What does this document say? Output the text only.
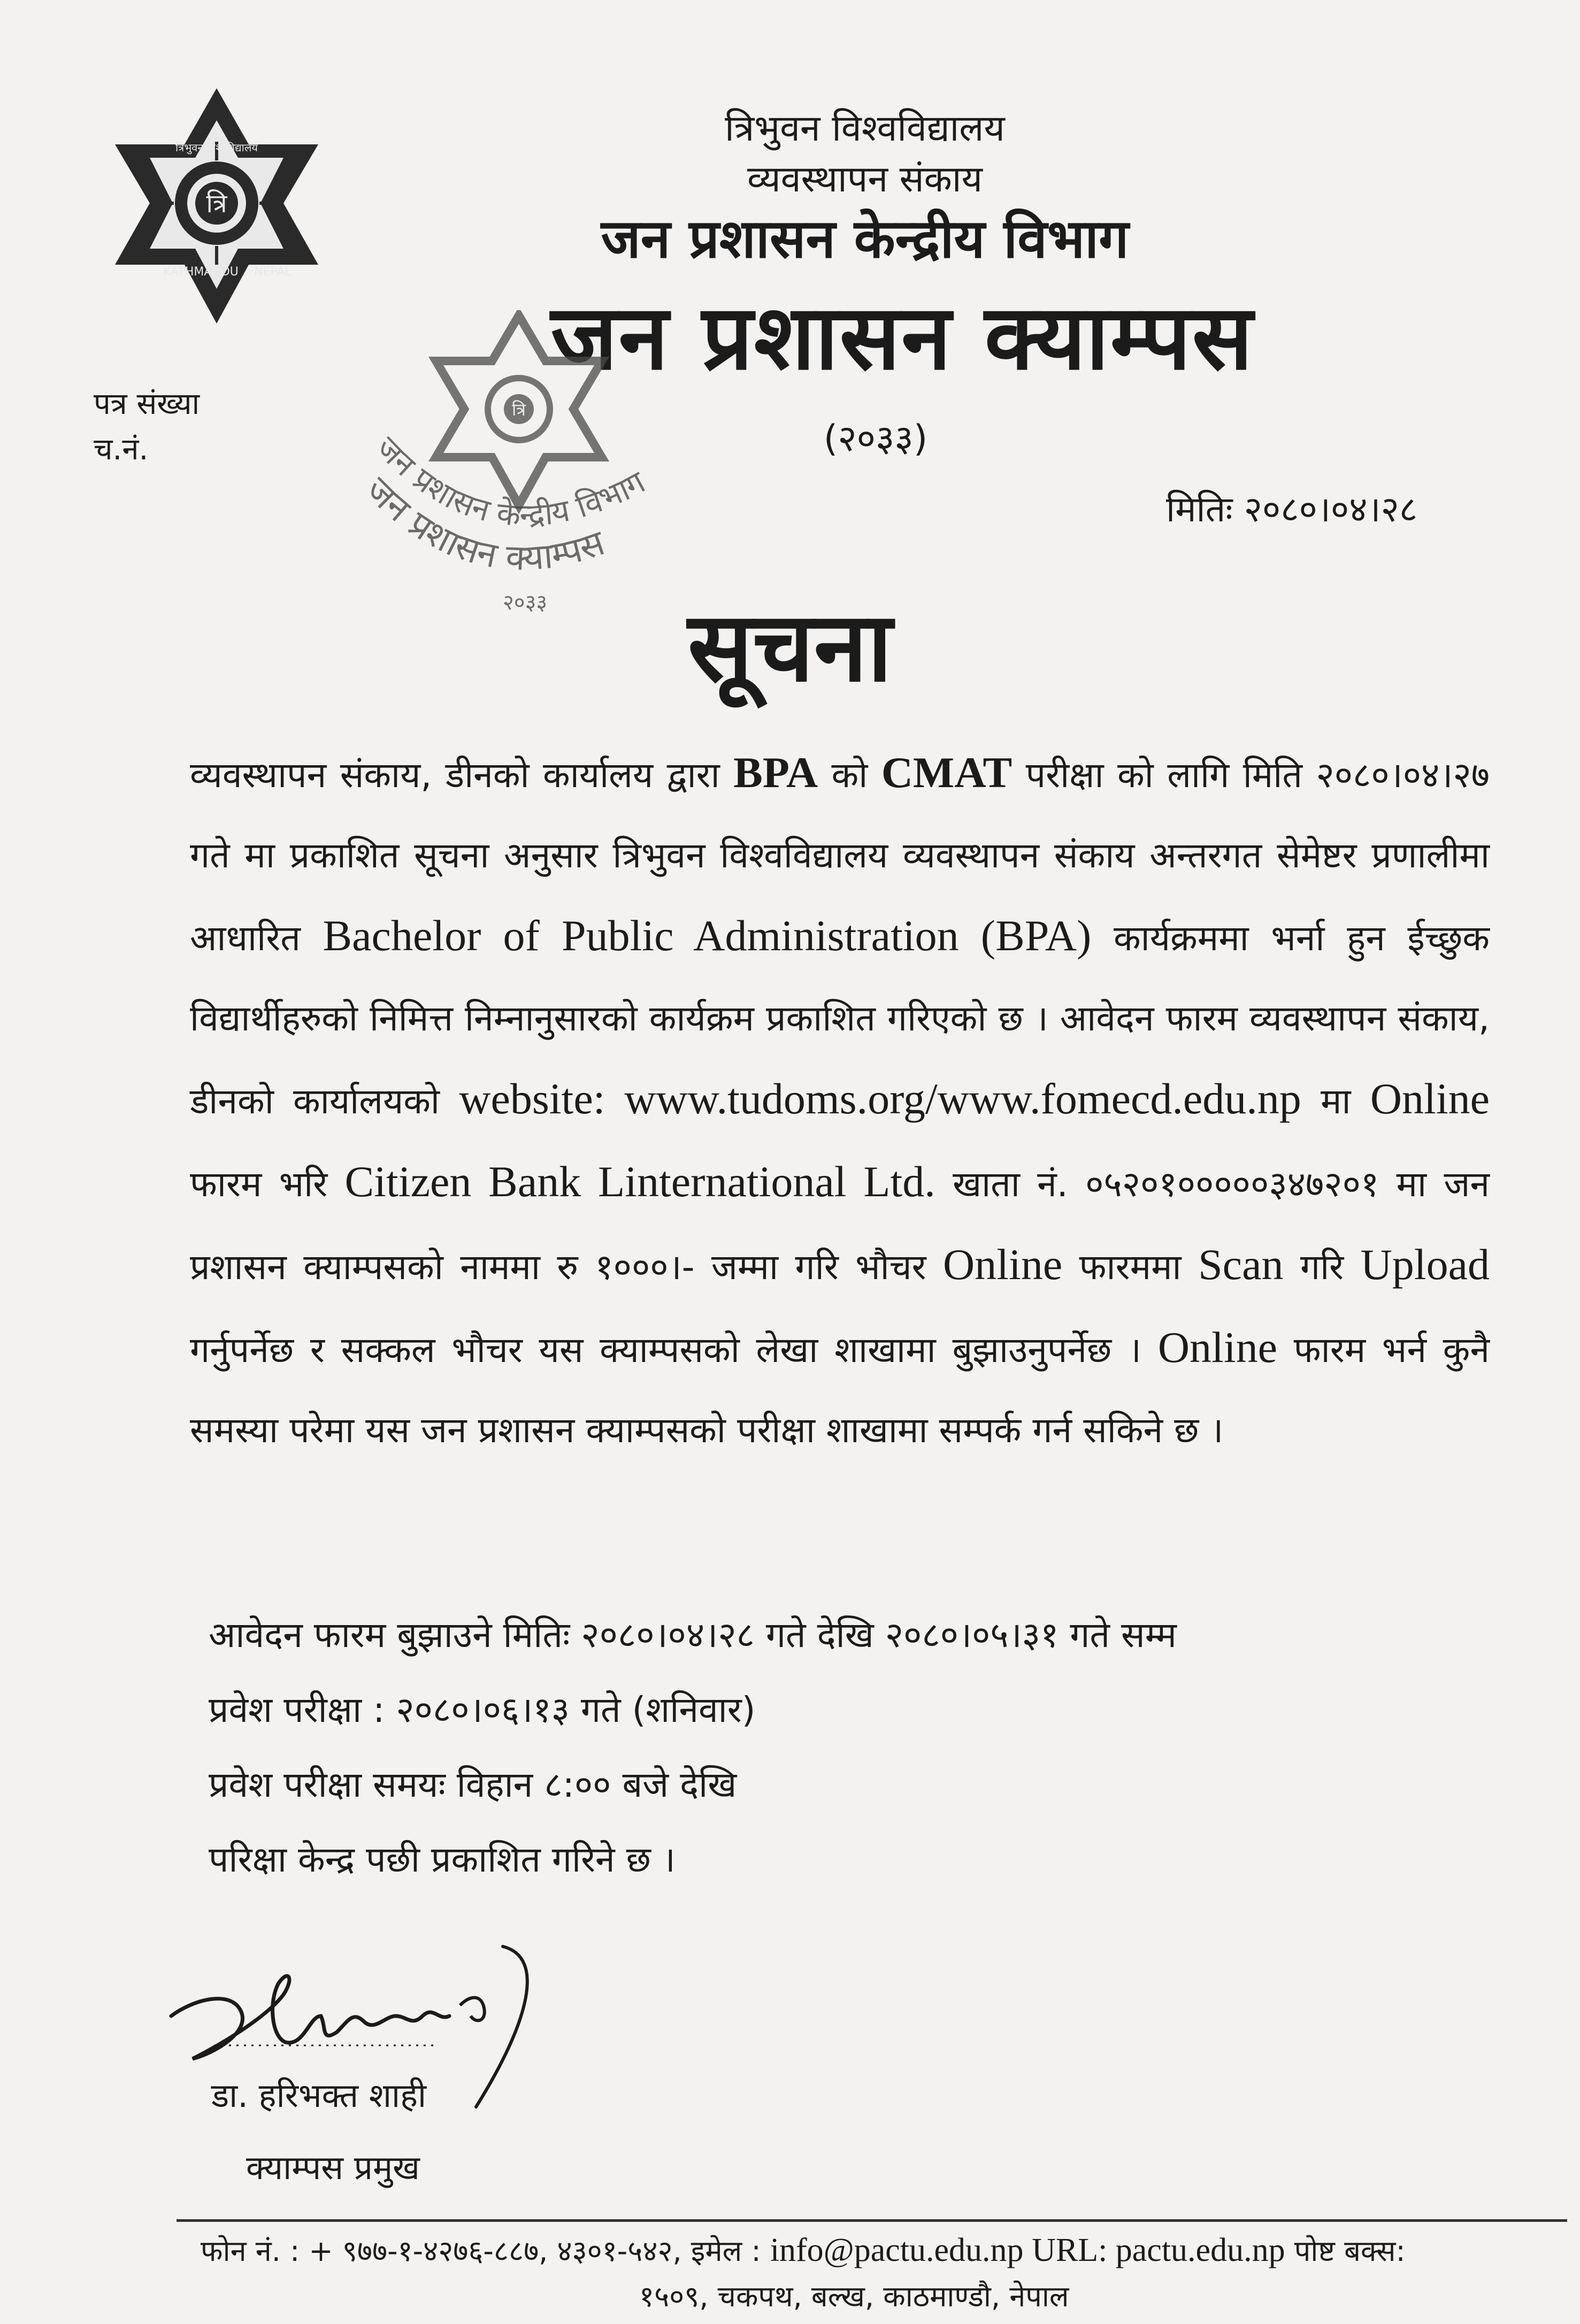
त्रि
KATHMANDU NEPAL
त्रिभुवन विश्वविद्यालय	त्रिभुवन विश्वविद्यालय
व्यवस्थापन संकाय
जन प्रशासन केन्द्रीय विभाग
जन प्रशासन क्याम्पस
(२०३३)
पत्र संख्या
च.नं.
त्रि
जन प्रशासन केन्द्रीय विभाग
जन प्रशासन क्याम्पस
२०३३
मितिः २०८०।०४।२८
सूचना
व्यवस्थापन संकाय, डीनको कार्यालय द्वारा BPA को CMAT परीक्षा को लागि मिति २०८०।०४।२७ गते मा प्रकाशित सूचना अनुसार त्रिभुवन विश्वविद्यालय व्यवस्थापन संकाय अन्तरगत सेमेष्टर प्रणालीमा आधारित Bachelor of Public Administration (BPA) कार्यक्रममा भर्ना हुन ईच्छुक विद्यार्थीहरुको निमित्त निम्नानुसारको कार्यक्रम प्रकाशित गरिएको छ । आवेदन फारम व्यवस्थापन संकाय, डीनको कार्यालयको website: www.tudoms.org/www.fomecd.edu.np मा Online फारम भरि Citizen Bank Linternational Ltd. खाता नं. ०५२०१०००००३४७२०१ मा जन प्रशासन क्याम्पसको नाममा रु १०००।- जम्मा गरि भौचर Online फारममा Scan गरि Upload गर्नुपर्नेछ र सक्कल भौचर यस क्याम्पसको लेखा शाखामा बुझाउनुपर्नेछ । Online फारम भर्न कुनै समस्या परेमा यस जन प्रशासन क्याम्पसको परीक्षा शाखामा सम्पर्क गर्न सकिने छ ।
आवेदन फारम बुझाउने मितिः २०८०।०४।२८ गते देखि २०८०।०५।३१ गते सम्म
प्रवेश परीक्षा : २०८०।०६।१३ गते (शनिवार)
प्रवेश परीक्षा समयः विहान ८:०० बजे देखि
परिक्षा केन्द्र पछी प्रकाशित गरिने छ ।
डा. हरिभक्त शाही
क्याम्पस प्रमुख
फोन नं. : + ९७७-१-४२७६-८८७, ४३०१-५४२, इमेल : info@pactu.edu.np URL: pactu.edu.np पोष्ट बक्स:
१५०९, चकपथ, बल्ख, काठमाण्डौ, नेपाल
